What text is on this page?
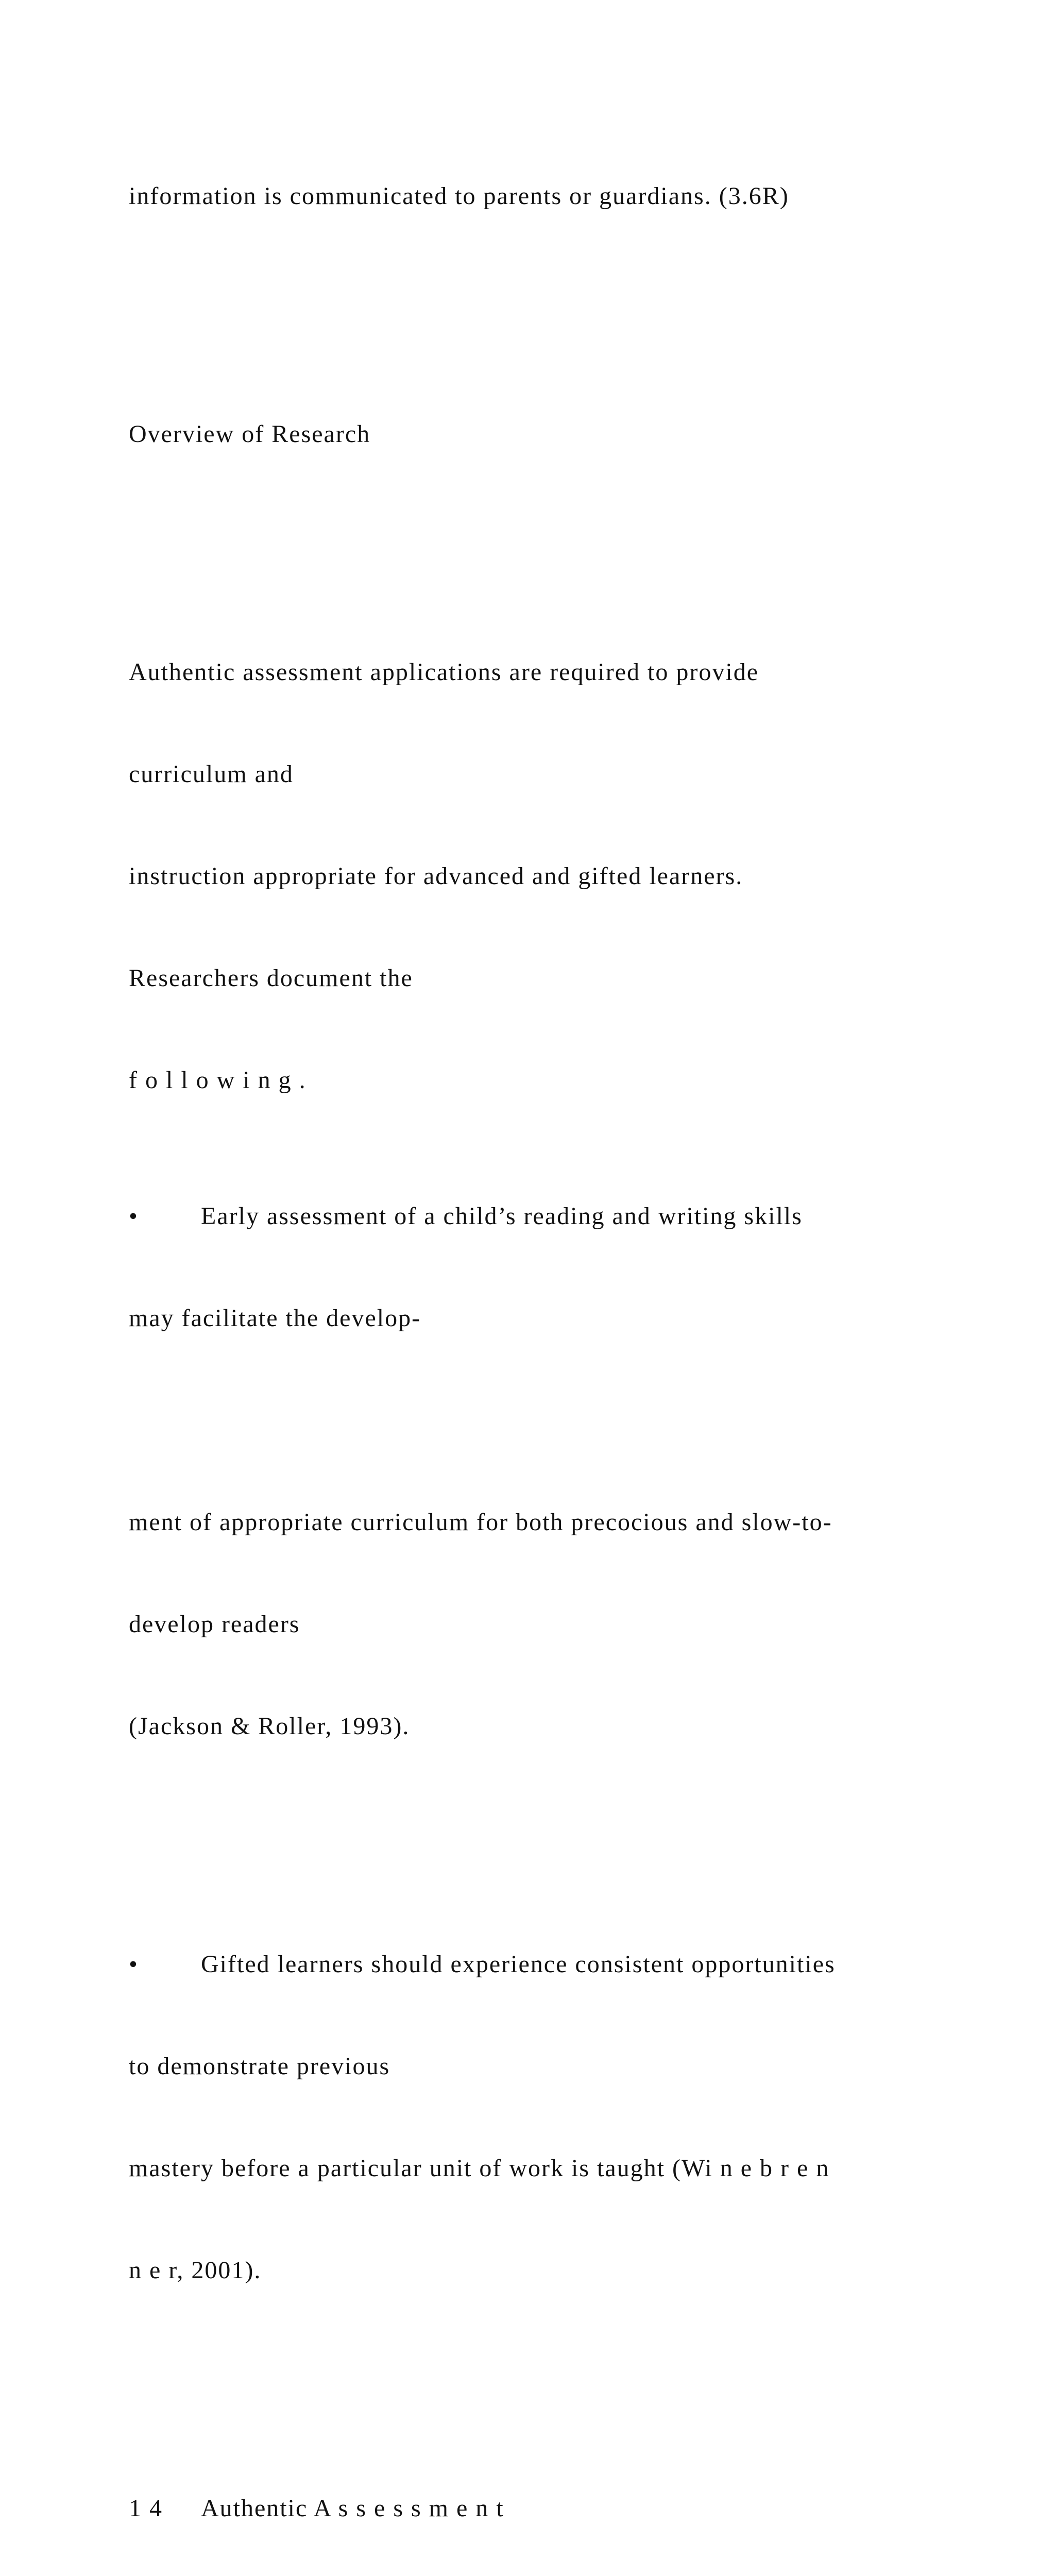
information is communicated to parents or guardians. (3.6R)

Overview of Research

Authentic assessment applications are required to provide

curriculum and

instruction appropriate for advanced and gifted learners.

Researchers document the

f o l l o w i n g .

•	Early assessment of a child’s reading and writing skills

may facilitate the develop-

ment of appropriate curriculum for both precocious and slow-to-

develop readers

(Jackson & Roller, 1993).

•	Gifted learners should experience consistent opportunities

to demonstrate previous

mastery before a particular unit of work is taught (Wi n e b r e n

n e r, 2001).

1 4 Authentic A s s e s s m e n t
